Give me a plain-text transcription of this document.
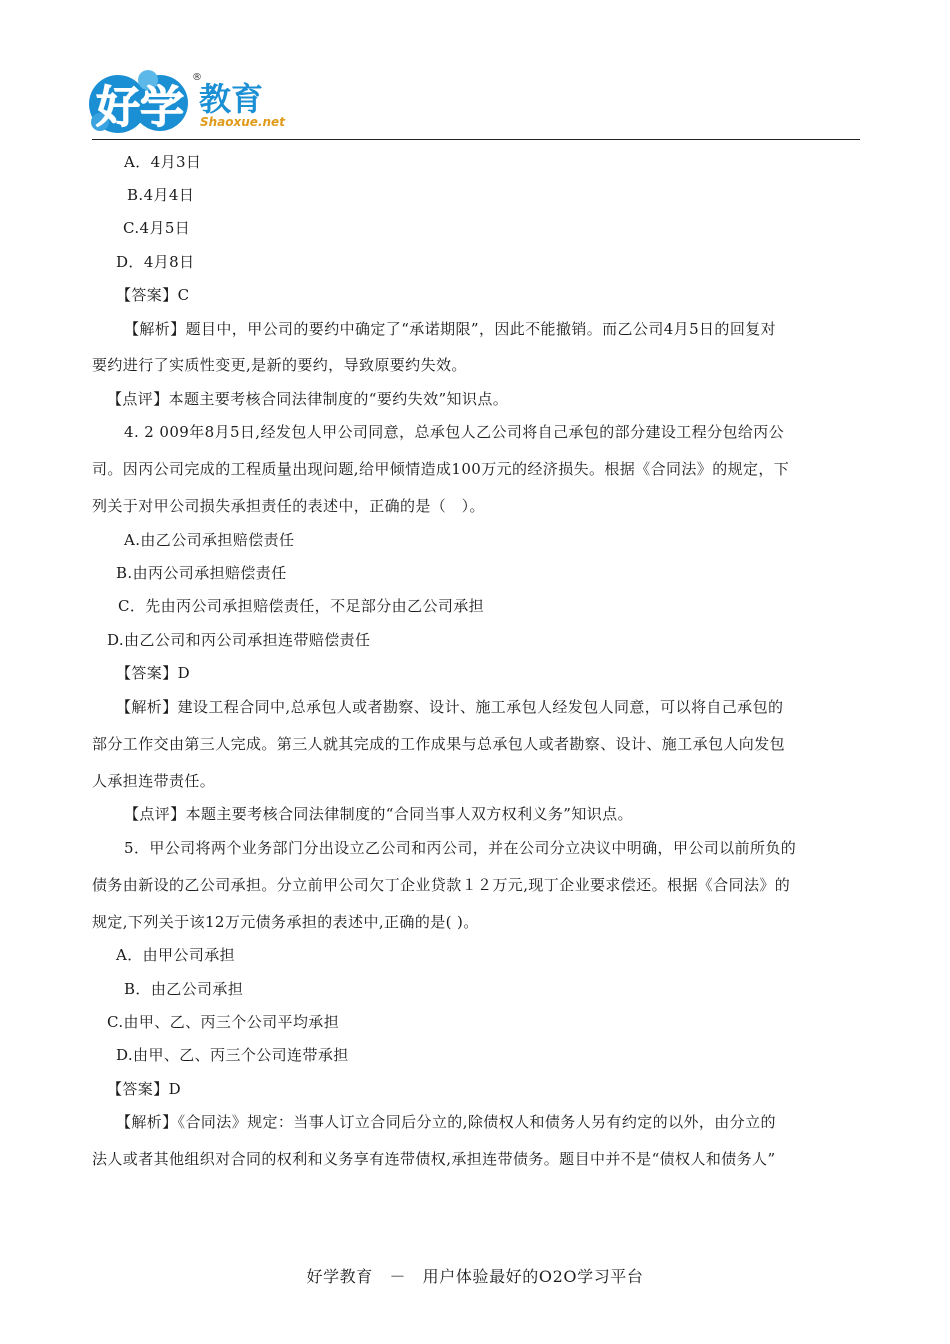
好学
®
教育
Shaoxue.net
A．4月3日
B.4月4日
C.4月5日
D．4月8日
【答案】C
【解析】题目中，甲公司的要约中确定了“承诺期限”，因此不能撤销。而乙公司4月5日的回复对
要约进行了实质性变更,是新的要约，导致原要约失效。
【点评】本题主要考核合同法律制度的“要约失效”知识点。
4. 2 009年8月5日,经发包人甲公司同意，总承包人乙公司将自己承包的部分建设工程分包给丙公
司。因丙公司完成的工程质量出现问题,给甲倾情造成100万元的经济损失。根据《合同法》的规定，下
列关于对甲公司损失承担责任的表述中，正确的是（　）。
A.由乙公司承担赔偿责任
B.由丙公司承担赔偿责任
C．先由丙公司承担赔偿责任，不足部分由乙公司承担
D.由乙公司和丙公司承担连带赔偿责任
【答案】D
【解析】建设工程合同中,总承包人或者勘察、设计、施工承包人经发包人同意，可以将自己承包的
部分工作交由第三人完成。第三人就其完成的工作成果与总承包人或者勘察、设计、施工承包人向发包
人承担连带责任。
【点评】本题主要考核合同法律制度的“合同当事人双方权利义务”知识点。
5．甲公司将两个业务部门分出设立乙公司和丙公司，并在公司分立决议中明确，甲公司以前所负的
债务由新设的乙公司承担。分立前甲公司欠丁企业贷款１２万元,现丁企业要求偿还。根据《合同法》的
规定,下列关于该12万元债务承担的表述中,正确的是( )。
A．由甲公司承担
B．由乙公司承担
C.由甲、乙、丙三个公司平均承担
D.由甲、乙、丙三个公司连带承担
【答案】D
【解析】《合同法》规定：当事人订立合同后分立的,除债权人和债务人另有约定的以外，由分立的
法人或者其他组织对合同的权利和义务享有连带债权,承担连带债务。题目中并不是“债权人和债务人”
好学教育　－　用户体验最好的O2O学习平台
